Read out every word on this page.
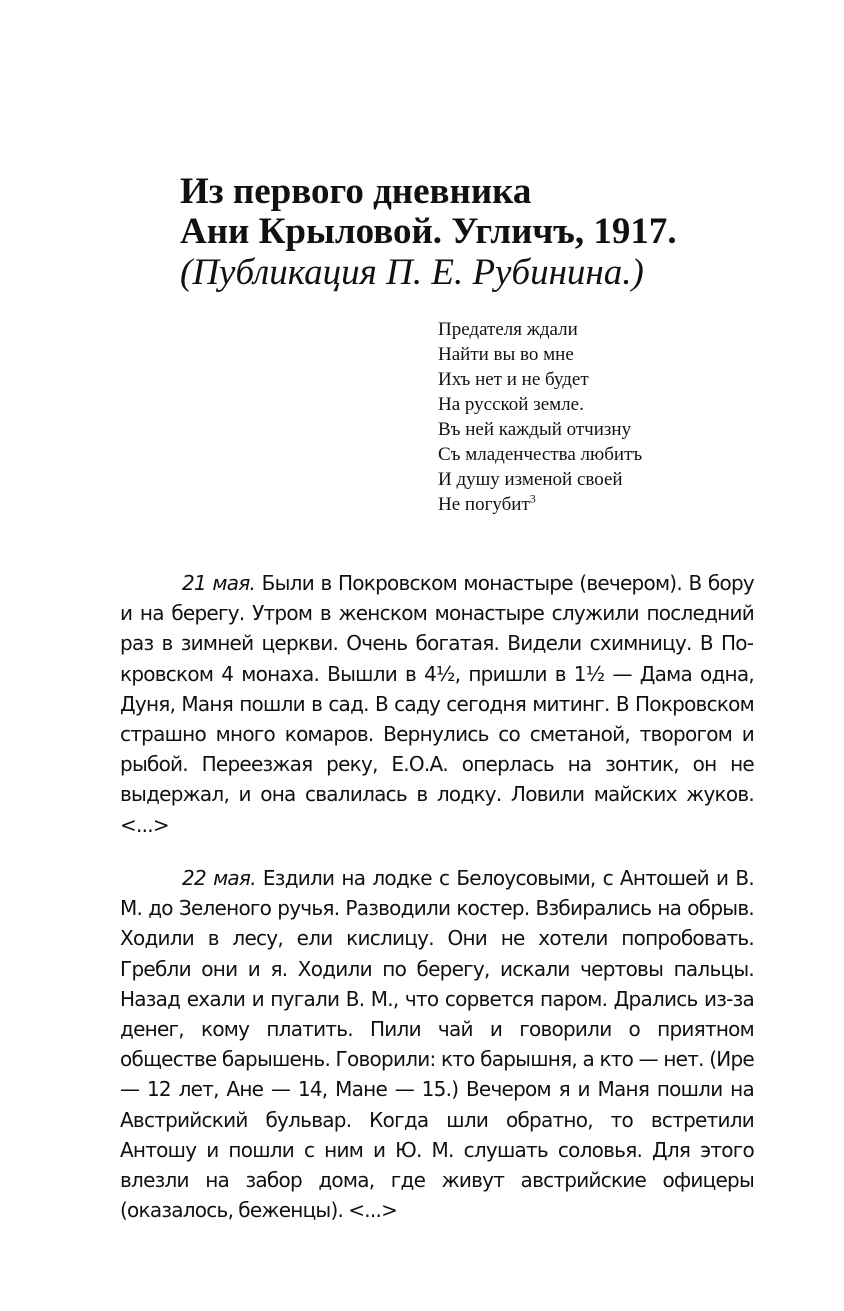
Из первого дневника
Ани Крыловой. Угличъ, 1917.
(Публикация П. Е. Рубинина.)
Предателя ждали
Найти вы во мне
Ихъ нет и не будет
На русской земле.
Въ ней каждый отчизну
Съ младенчества любитъ
И душу изменой своей
Не погубит$^3$

21 мая. Были в Покровском монастыре (вечером). В бору и на берегу. Утром в женском монастыре служили последний раз в зимней церкви. Очень богатая. Видели схимницу. В Покровском 4 монаха. Вышли в 4½, пришли в 1½ — Дама одна, Дуня, Маня пошли в сад. В саду сегодня митинг. В Покровском страшно много комаров. Вернулись со сметаной, творогом и рыбой. Переезжая реку, Е.О.А. оперлась на зонтик, он не выдержал, и она свалилась в лодку. Ловили майских жуков. <...>

22 мая. Ездили на лодке с Белоусовыми, с Антошей и В. М. до Зеленого ручья. Разводили костер. Взбирались на обрыв. Ходили в лесу, ели кислицу. Они не хотели попробовать. Гребли они и я. Ходили по берегу, искали чертовы пальцы. Назад ехали и пугали В. М., что сорвется паром. Дрались из-за денег, кому платить. Пили чай и говорили о приятном обществе барышень. Говорили: кто барышня, а кто — нет. (Ире — 12 лет, Ане — 14, Мане — 15.) Вечером я и Маня пошли на Австрийский бульвар. Когда шли обратно, то встретили Антошу и пошли с ним и Ю. М. слушать соловья. Для этого влезли на забор дома, где живут австрийские офицеры (оказалось, беженцы). <...>
